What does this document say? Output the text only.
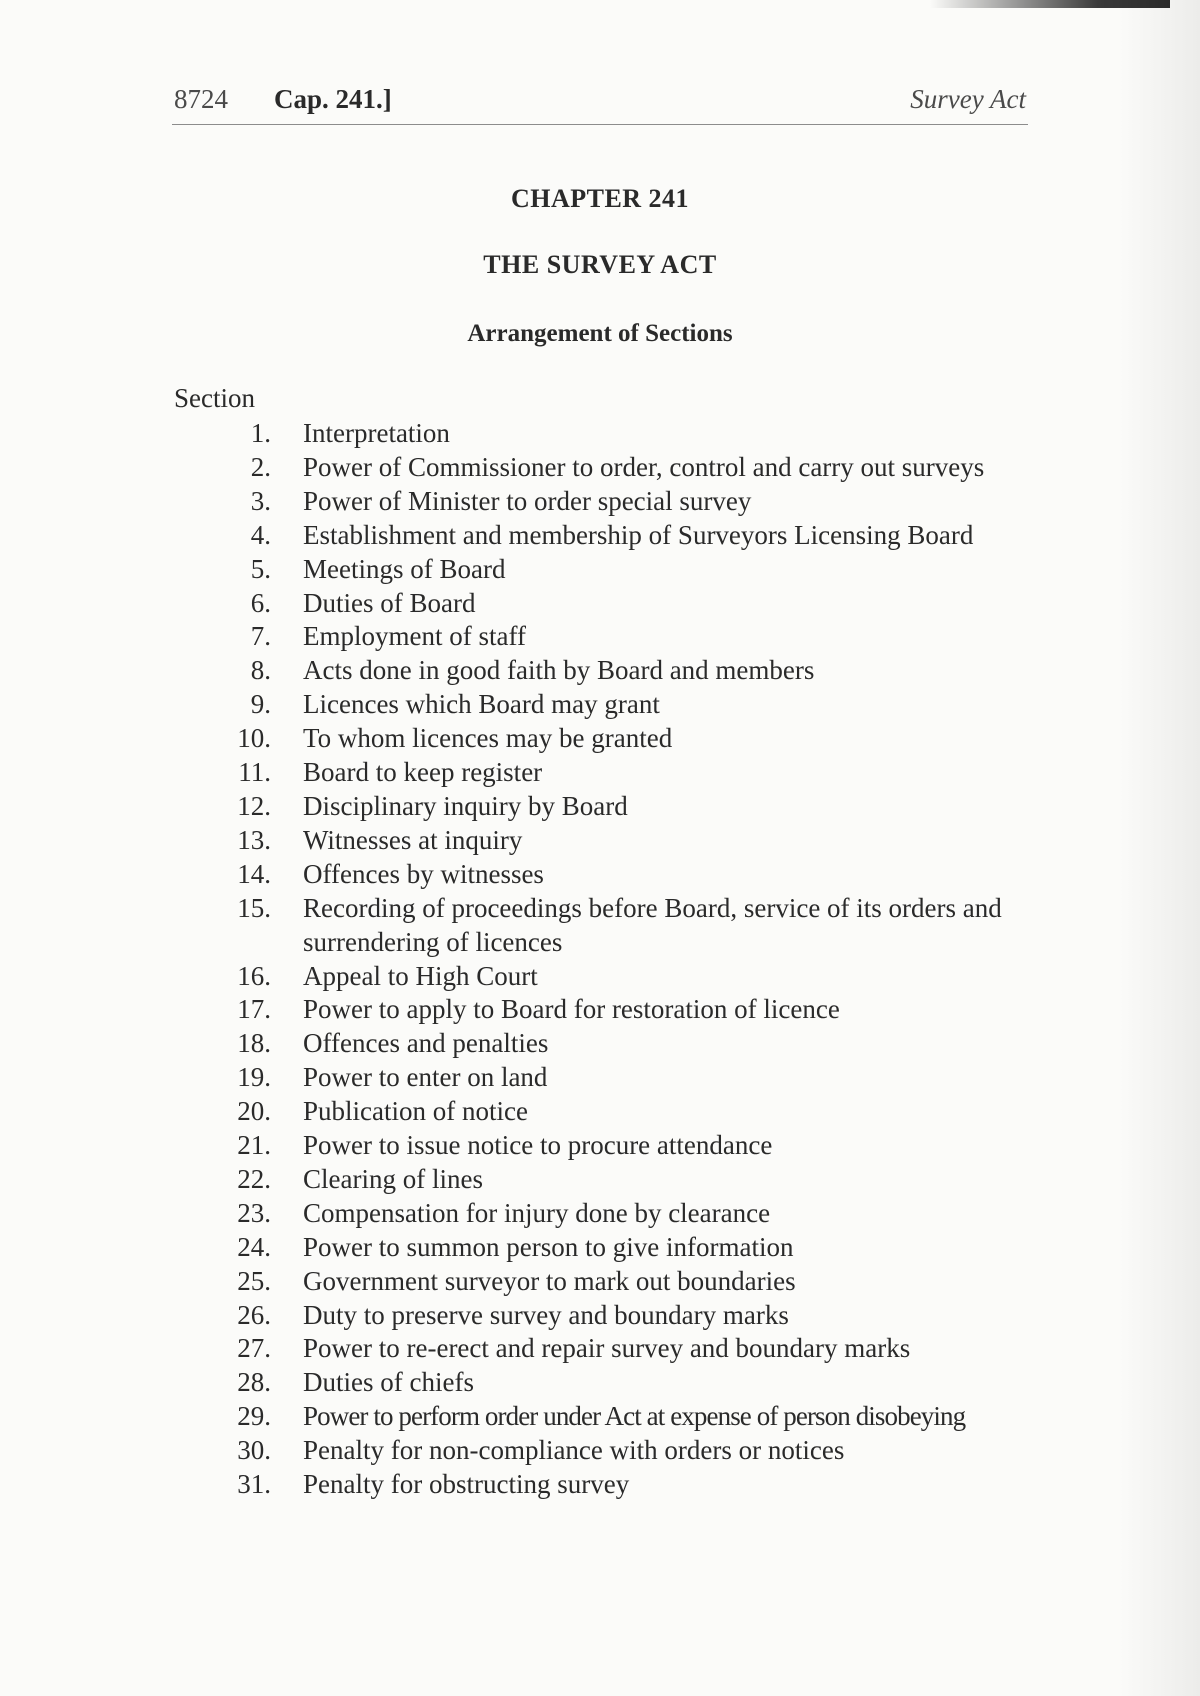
8724 Cap. 241.]	Survey Act
CHAPTER 241
THE SURVEY ACT
Arrangement of Sections
Section
1.	Interpretation
2.	Power of Commissioner to order, control and carry out surveys
3.	Power of Minister to order special survey
4.	Establishment and membership of Surveyors Licensing Board
5.	Meetings of Board
6.	Duties of Board
7.	Employment of staff
8.	Acts done in good faith by Board and members
9.	Licences which Board may grant
10.	To whom licences may be granted
11.	Board to keep register
12.	Disciplinary inquiry by Board
13.	Witnesses at inquiry
14.	Offences by witnesses
15.	Recording of proceedings before Board, service of its orders and surrendering of licences
16.	Appeal to High Court
17.	Power to apply to Board for restoration of licence
18.	Offences and penalties
19.	Power to enter on land
20.	Publication of notice
21.	Power to issue notice to procure attendance
22.	Clearing of lines
23.	Compensation for injury done by clearance
24.	Power to summon person to give information
25.	Government surveyor to mark out boundaries
26.	Duty to preserve survey and boundary marks
27.	Power to re-erect and repair survey and boundary marks
28.	Duties of chiefs
29.	Power to perform order under Act at expense of person disobeying
30.	Penalty for non-compliance with orders or notices
31.	Penalty for obstructing survey
